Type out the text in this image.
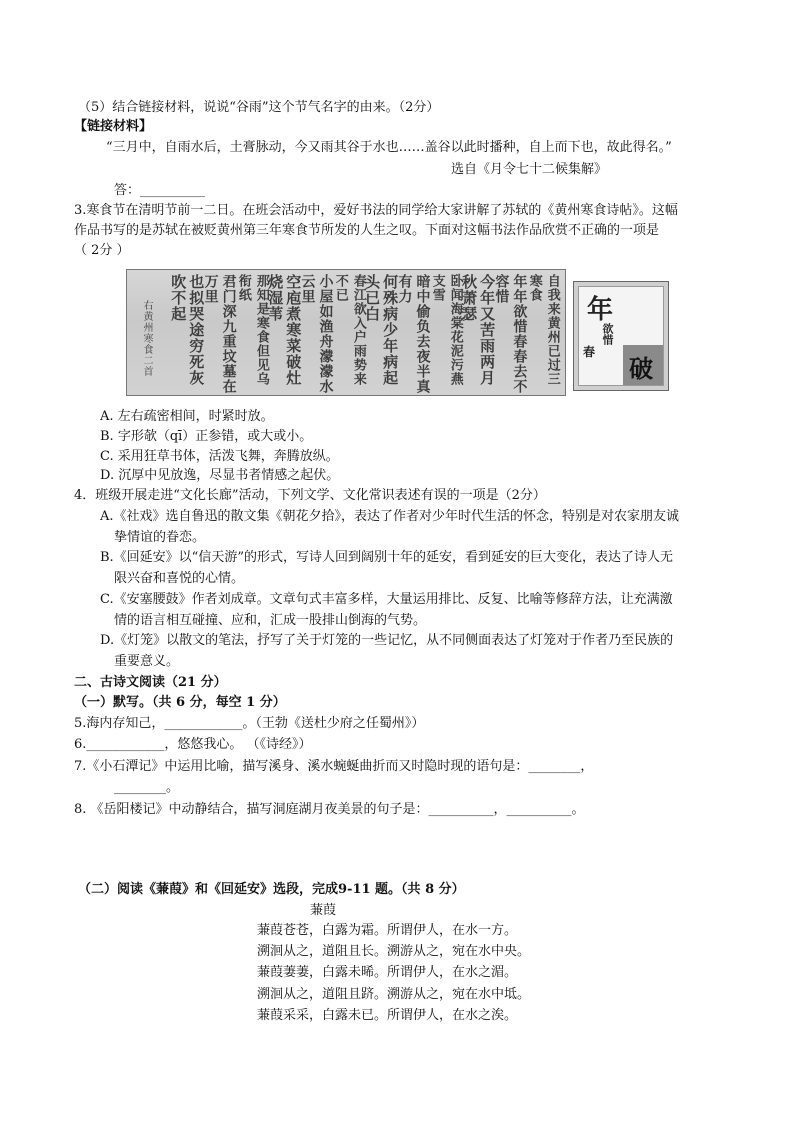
（5）结合链接材料，说说“谷雨”这个节气名字的由来。（2分）
【链接材料】
“三月中，自雨水后，土膏脉动，今又雨其谷于水也……盖谷以此时播种，自上而下也，故此得名。”
选自《月令七十二候集解》
答：__________
3.寒食节在清明节前一二日。在班会活动中，爱好书法的同学给大家讲解了苏轼的《黄州寒食诗帖》。这幅
作品书写的是苏轼在被贬黄州第三年寒食节所发的人生之叹。下面对这幅书法作品欣赏不正确的一项是
（ 2分 ）
自我来黄州已过三寒食
年年欲惜春春去不容惜
今年又苦雨两月秋萧瑟
卧闻海棠花泥污燕支雪
暗中偷负去夜半真有力
何殊病少年病起头已白
春江欲入户雨势来不已
小屋如渔舟濛濛水云里
空庖煮寒菜破灶烧湿苇
那知是寒食但见乌衔纸
君门深九重坟墓在万里
也拟哭途穷死灰吹不起
右黄州寒食二首	年
欲惜
春
破
A. 左右疏密相间，时紧时放。
B. 字形欹（qī）正参错，或大或小。
C. 采用狂草书体，活泼飞舞，奔腾放纵。
D. 沉厚中见放逸，尽显书者情感之起伏。
4．班级开展走进“文化长廊”活动，下列文学、文化常识表述有误的一项是（2分）
A.《社戏》选自鲁迅的散文集《朝花夕拾》，表达了作者对少年时代生活的怀念，特别是对农家朋友诚
挚情谊的眷恋。
B.《回延安》以“信天游”的形式，写诗人回到阔别十年的延安，看到延安的巨大变化，表达了诗人无
限兴奋和喜悦的心情。
C.《安塞腰鼓》作者刘成章。文章句式丰富多样，大量运用排比、反复、比喻等修辞方法，让充满激
情的语言相互碰撞、应和，汇成一股排山倒海的气势。
D.《灯笼》以散文的笔法，抒写了关于灯笼的一些记忆，从不同侧面表达了灯笼对于作者乃至民族的
重要意义。
二、古诗文阅读（21 分）
（一）默写。（共 6 分，每空 1 分）
5.海内存知己，____________。（王勃《送杜少府之任蜀州》）
6.____________，悠悠我心。 （《诗经》）
7.《小石潭记》中运用比喻，描写溪身、溪水蜿蜒曲折而又时隐时现的语句是：________，
________。
8. 《岳阳楼记》中动静结合，描写洞庭湖月夜美景的句子是：__________，__________。
（二）阅读《蒹葭》和《回延安》选段，完成9-11 题。（共 8 分）
蒹葭
蒹葭苍苍，白露为霜。所谓伊人，在水一方。
溯洄从之，道阻且长。溯游从之，宛在水中央。
蒹葭萋萋，白露未晞。所谓伊人，在水之湄。
溯洄从之，道阻且跻。溯游从之，宛在水中坻。
蒹葭采采，白露未已。所谓伊人，在水之涘。
